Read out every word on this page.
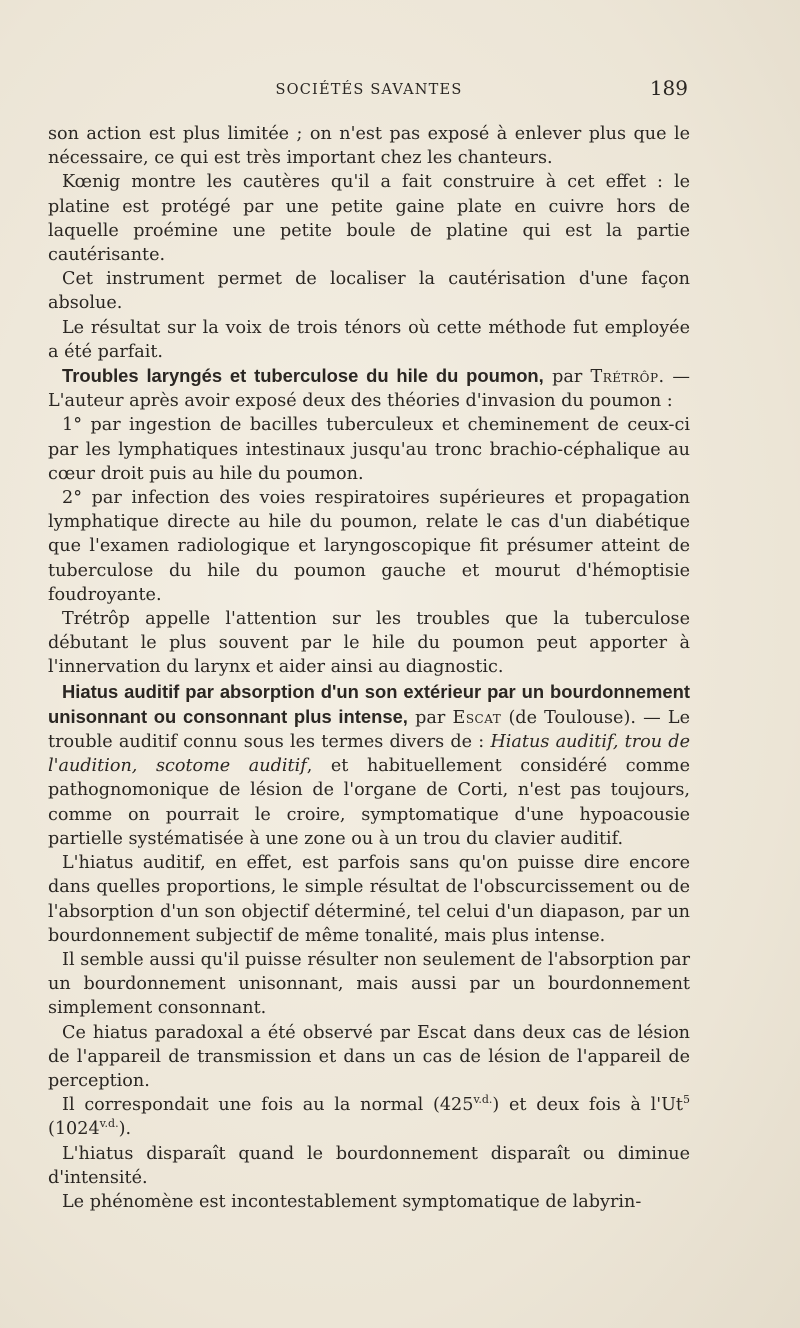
SOCIÉTÉS SAVANTES	189

son action est plus limitée ; on n'est pas exposé à enlever plus que le nécessaire, ce qui est très important chez les chanteurs.

Kœnig montre les cautères qu'il a fait construire à cet effet : le platine est protégé par une petite gaine plate en cuivre hors de laquelle proémine une petite boule de platine qui est la partie cautérisante.

Cet instrument permet de localiser la cautérisation d'une façon absolue.

Le résultat sur la voix de trois ténors où cette méthode fut employée a été parfait.

Troubles laryngés et tuberculose du hile du poumon, par Trétrôp. — L'auteur après avoir exposé deux des théories d'invasion du poumon :

1° par ingestion de bacilles tuberculeux et cheminement de ceux-ci par les lymphatiques intestinaux jusqu'au tronc brachio-céphalique au cœur droit puis au hile du poumon.

2° par infection des voies respiratoires supérieures et propagation lymphatique directe au hile du poumon, relate le cas d'un diabétique que l'examen radiologique et laryngoscopique fit présumer atteint de tuberculose du hile du poumon gauche et mourut d'hémoptisie foudroyante.

Trétrôp appelle l'attention sur les troubles que la tuberculose débutant le plus souvent par le hile du poumon peut apporter à l'innervation du larynx et aider ainsi au diagnostic.

Hiatus auditif par absorption d'un son extérieur par un bourdonnement unisonnant ou consonnant plus intense, par Escat (de Toulouse). — Le trouble auditif connu sous les termes divers de : Hiatus auditif, trou de l'audition, scotome auditif, et habituellement considéré comme pathognomonique de lésion de l'organe de Corti, n'est pas toujours, comme on pourrait le croire, symptomatique d'une hypoacousie partielle systématisée à une zone ou à un trou du clavier auditif.

L'hiatus auditif, en effet, est parfois sans qu'on puisse dire encore dans quelles proportions, le simple résultat de l'obscurcissement ou de l'absorption d'un son objectif déterminé, tel celui d'un diapason, par un bourdonnement subjectif de même tonalité, mais plus intense.

Il semble aussi qu'il puisse résulter non seulement de l'absorption par un bourdonnement unisonnant, mais aussi par un bourdonnement simplement consonnant.

Ce hiatus paradoxal a été observé par Escat dans deux cas de lésion de l'appareil de transmission et dans un cas de lésion de l'appareil de perception.

Il correspondait une fois au la normal $(425^{v.d.})$ et deux fois à l'Ut$^5$ $(1024^{v.d.})$.

L'hiatus disparaît quand le bourdonnement disparaît ou diminue d'intensité.

Le phénomène est incontestablement symptomatique de labyrin-
